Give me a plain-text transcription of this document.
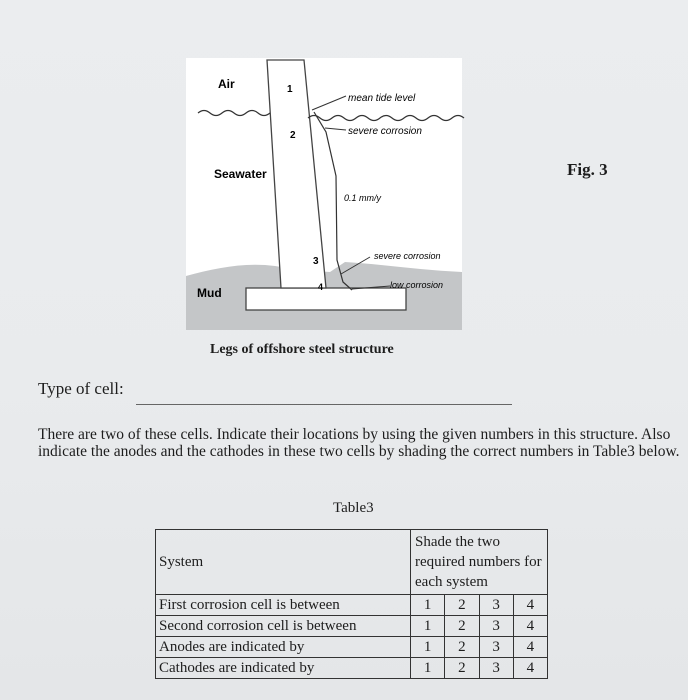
Air
Seawater
Mud
mean tide level
severe corrosion
0.1 mm/y
severe corrosion
low corrosion
1
2
3
4
Fig. 3
Legs of offshore steel structure
Type of cell:
There are two of these cells. Indicate their locations by using the given numbers in this structure. Also indicate the anodes and the cathodes in these two cells by shading the correct numbers in Table3 below.
Table3
System	Shade the two required numbers for each system			
First corrosion cell is between	1	2	3	4
Second corrosion cell is between	1	2	3	4
Anodes are indicated by	1	2	3	4
Cathodes are indicated by	1	2	3	4
